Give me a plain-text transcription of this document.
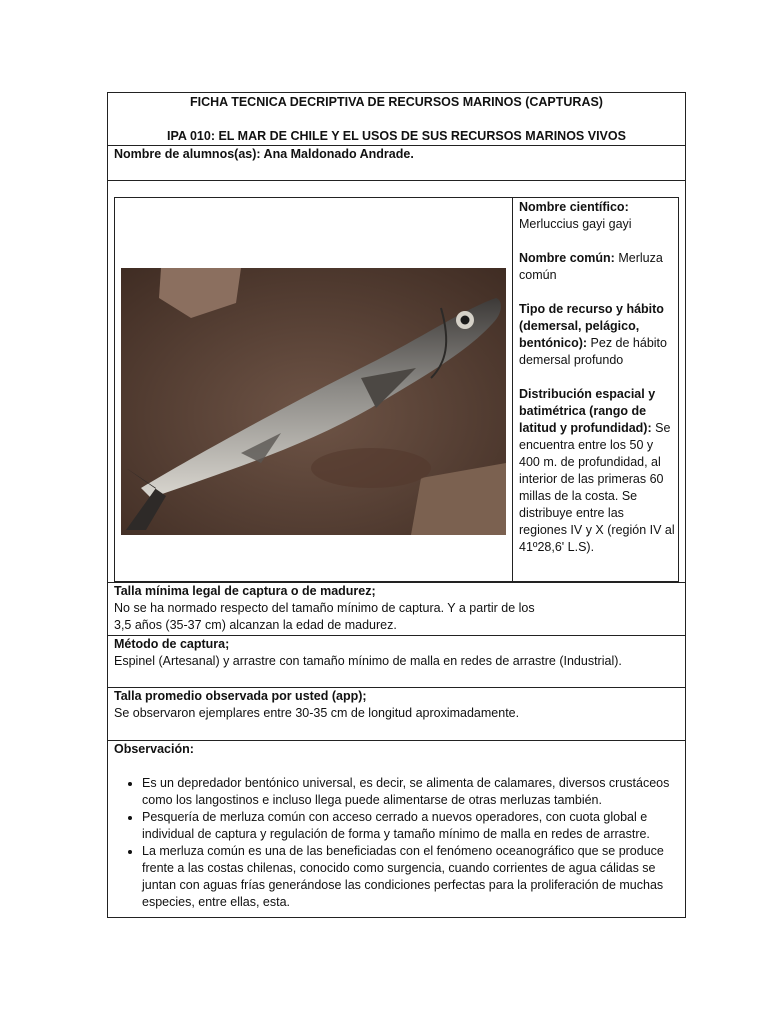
FICHA TECNICA DECRIPTIVA DE RECURSOS MARINOS (CAPTURAS)
IPA 010: EL MAR DE CHILE Y EL USOS DE SUS RECURSOS MARINOS VIVOS
Nombre de alumnos(as): Ana Maldonado Andrade.

Nombre científico:
Merluccius gayi gayi

Nombre común: Merluza común

Tipo de recurso y hábito (demersal, pelágico, bentónico): Pez de hábito demersal profundo

Distribución espacial y batimétrica (rango de latitud y profundidad): Se encuentra entre los 50 y 400 m. de profundidad, al interior de las primeras 60 millas de la costa. Se distribuye entre las regiones IV y X (región IV al 41º28,6' L.S).

Talla mínima legal de captura o de madurez;
No se ha normado respecto del tamaño mínimo de captura. Y a partir de los
3,5 años (35-37 cm) alcanzan la edad de madurez.
Método de captura;
Espinel (Artesanal) y arrastre con tamaño mínimo de malla en redes de arrastre (Industrial).
Talla promedio observada por usted (app);
Se observaron ejemplares entre 30-35 cm de longitud aproximadamente.
Observación:
• Es un depredador bentónico universal, es decir, se alimenta de calamares, diversos crustáceos como los langostinos e incluso llega puede alimentarse de otras merluzas también.
• Pesquería de merluza común con acceso cerrado a nuevos operadores, con cuota global e individual de captura y regulación de forma y tamaño mínimo de malla en redes de arrastre.
• La merluza común es una de las beneficiadas con el fenómeno oceanográfico que se produce frente a las costas chilenas, conocido como surgencia, cuando corrientes de agua cálidas se juntan con aguas frías generándose las condiciones perfectas para la proliferación de muchas especies, entre ellas, esta.
